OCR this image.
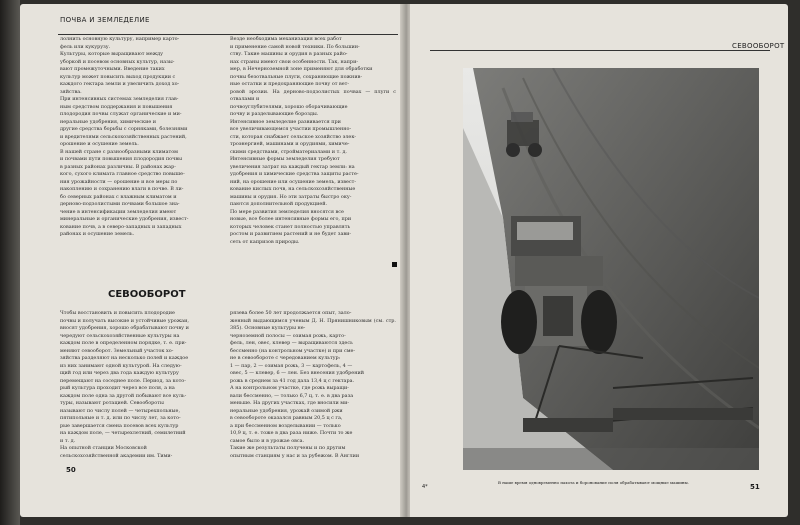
ПОЧВА И ЗЕМЛЕДЕЛИЕ
лолнить основную культуру, например карто-
фель или кукурузу.
Культуры, которые выращивают между
уборкой и посевом основных культур, назы-
вают промежуточными. Введение таких
культур может повысить выход продукции с
каждого гектара земли и увеличить доход хо-
зяйства.
При интенсивных системах земледелия глав-
ным средством поддержания и повышения
плодородия почвы служат органические и ми-
неральные удобрения, химические и
другие средства борьбы с сорняками, болезнями
и вредителями сельскохозяйственных растений,
орошение и осушение земель.
В нашей стране с разнообразными климатом
и почвами пути повышения плодородия почвы
в разных районах различны. В районах жар-
кого, сухого климата главное средство повыше-
ния урожайности — орошение и все меры по
накоплению и сохранению влаги в почве. В ли-
бо северных районах с влажным климатом и
дерново-подзолистыми почвами большое зна-
чение в интенсификации земледелия имеют
минеральные и органические удобрения, извест-
кование почв, а в северо-западных и западных
районах и осушение земель.
Везде необходима механизация всех работ
и применение самой новой техники. По большин-
ству. Такие машины и орудия в разных райо-
нах страны имеют свои особенности. Так, напри-
мер, в Нечерноземной зоне применяют для обработки
почвы безотвальные плуги, сохраняющие пожнив-
ные остатки и предохраняющие почву от вет-
ровой эрозии. На дерново-подзолистых почвах — плуги с отвалами и
почвоуглубителями, хорошо оборачивающие
почву и разделывающие борозды.
Интенсивное земледелие развивается при
все увеличивающемся участии промышленно-
сти, которая снабжает сельское хозяйство элек-
троэнергией, машинами и орудиями, химиче-
скими средствами, стройматериалами и т. д.
Интенсивные формы земледелия требуют
увеличения затрат на каждый гектар земли: на
удобрения и химические средства защиты расте-
ний, на орошение или осушение земель, извест-
кование кислых почв, на сельскохозяйственные
машины и орудия. Но эти затраты быстро оку-
паются дополнительной продукцией.
По мере развития земледелия вносятся все
новые, все более интенсивные формы его, при
которых человек станет полностью управлять
ростом и развитием растений и не будет зави-
сеть от капризов природы.
СЕВООБОРОТ
Чтобы восстановить и повысить плодородие
почвы и получать высокие и устойчивые урожаи,
вносят удобрения, хорошо обрабатывают почву и
чередуют сельскохозяйственные культуры на
каждом поле в определенном порядке, т. е. при-
меняют севооборот. Земельный участок хо-
зяйства разделяют на несколько полей и каждое
из них занимают одной культурой. На следую-
щий год или через два года каждую культуру
перемещают на соседнее поле. Период, за кото-
рый культура проходит через все поля, а на
каждом поле одна за другой побывают все куль-
туры, называют ротацией. Севообороты
называют по числу полей — четырехпольные,
пятипольные и т. д. или по числу лет, за кото-
рые завершается смена посевов всех культур
на каждом поле, — четырехлетний, семилетний
и т. д.
На опытной станции Московской
сельскохозяйственной академии им. Тими-
рязева более 50 лет продолжается опыт, зало-
женный выдающимся ученым Д. Н. Прянишниковым (см. стр. 385). Основные культуры не-
черноземной полосы — озимая рожь, карто-
фель, лен, овес, клевер — выращиваются здесь
бессменно (на контрольном участке) и при сме-
не в севообороте с чередованием культур:
1 — пар, 2 — озимая рожь, 3 — картофель, 4 —
овес, 5 — клевер, 6 — лен. Без внесения удобрений
рожь в среднем за 41 год дала 13,4 ц с гектара.
А на контрольном участке, где рожь выращи-
вали бессменно, — только 6,7 ц, т. е. в два раза
меньше. На других участках, где вносили ми-
неральные удобрения, урожай озимой ржи
в севообороте оказался равным 20,5 ц с га,
а при бессменном возделывании — только
10,9 ц, т. е. тоже в два раза ниже. Почти то же
самое было и в урожае овса.
Такие же результаты получены и по другим
опытным станциям у нас и за рубежом. В Англии
50
СЕВООБОРОТ
В наше время одновременно пахота и боронование поля обрабатывают мощные машины.
4*	51
